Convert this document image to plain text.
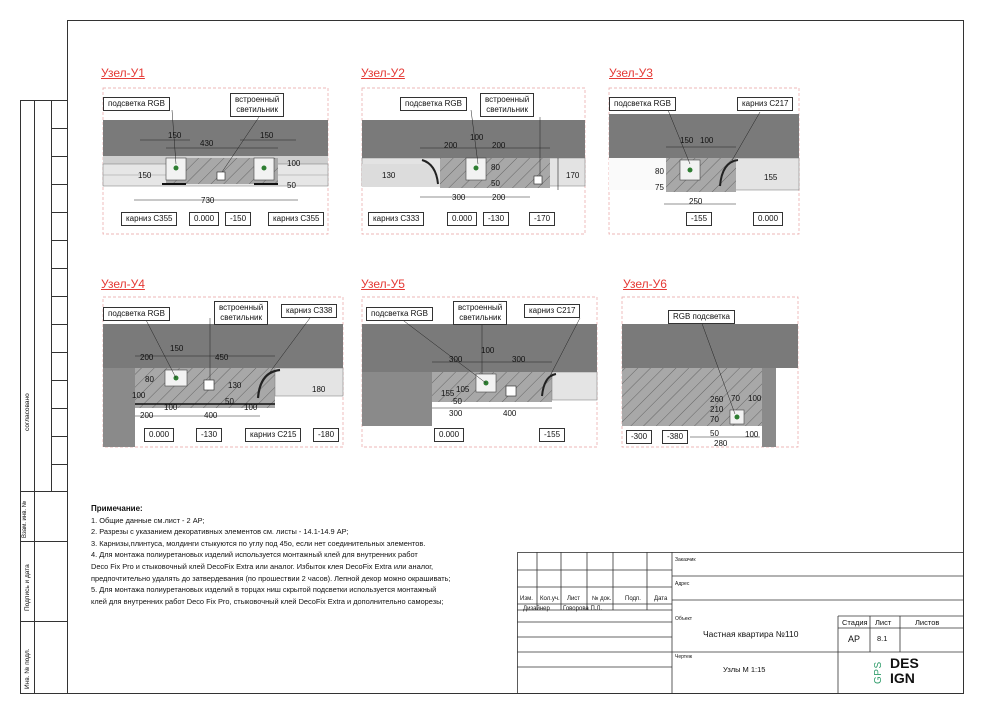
согласовано
Взам. инв. №
Подпись и дата
Инв. № подл.
Узел-У1	Узел-У2	Узел-У3
Узел-У4	Узел-У5	Узел-У6
150
430
150
100
150
50
730
100
200	200
130
50
80
300	200
170
150 100
80
75
250
155
200
150
450
100
80
100
50
130
200	400
100
180
100
300	300
155 105
50
300	400	210
260 70 100
70
100
50
280
подсветка RGB	встроенный
светильник
карниз С355	0.000	-150	карниз С355
подсветка RGB	встроенный
светильник
карниз С333	0.000	-130	-170
подсветка RGB	карниз С217
-155	0.000
подсветка RGB
встроенный
светильник
карниз С338
0.000	-130	карниз С215	-180
подсветка RGB
встроенный
светильник
карниз С217
0.000	-155
RGB подсветка
-300	-380
Примечание:
1. Общие данные см.лист - 2 АР;
2. Разрезы с указанием декоративных элементов см. листы - 14.1-14.9 АР;
3. Карнизы,плинтуса, молдинги стыкуются по углу под 45о, если нет соединительных элементов.
4. Для монтажа полиуретановых изделий используется монтажный клей для внутренних работ
Deco Fix Pro и стыковочный клей DecoFix Extra или аналог. Избыток клея DecoFix Extra или аналог,
предпочтительно удалять до затвердевания (по прошествии 2 часов). Лепной декор можно окрашивать;
5. Для монтажа полиуретановых изделий в торцах ниш скрытой подсветки используется монтажный
клей для внутренних работ Deco Fix Pro, стыковочный клей DecoFix Extra и дополнительно саморезы;	Изм. Кол.уч. Лист № док. Подп. Дата
Дизайнер Говорова П.Л.
Заказчик
Адрес
Объект
Чертеж
Частная квартира №110
Узлы М 1:15
Стадия Лист	Листов
АР 8.1
GPS DES
IGN
